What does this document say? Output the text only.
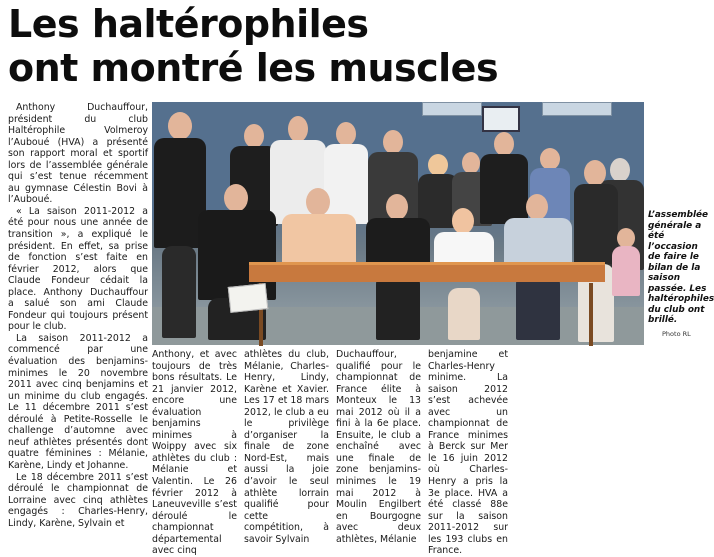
Les haltérophiles
ont montré les muscles

Anthony Duchauffour, président du club Haltérophile Volmeroy l’Auboué (HVA) a présenté son rapport moral et sportif lors de l’assemblée générale qui s’est tenue récemment au gymnase Célestin Bovi à l’Auboué.

« La saison 2011-2012 a été pour nous une année de transition », a expliqué le président. En effet, sa prise de fonction s’est faite en février 2012, alors que Claude Fondeur cédait la place. Anthony Duchauffour a salué son ami Claude Fondeur qui toujours présent pour le club.

La saison 2011-2012 a commencé par une évaluation des benjamins-minimes le 20 novembre 2011 avec cinq benjamins et un minime du club engagés. Le 11 décembre 2011 s’est déroulé à Petite-Rosselle le challenge d’automne avec neuf athlètes présentés dont quatre féminines : Mélanie, Karène, Lindy et Johanne.

Le 18 décembre 2011 s’est déroulé le championnat de Lorraine avec cinq athlètes engagés : Charles-Henry, Lindy, Karène, Sylvain et

L’assemblée générale a été l’occasion de faire le bilan de la saison passée. Les haltérophiles du club ont brillé.
Photo RL

Anthony, et avec toujours de très bons résultats. Le 21 janvier 2012, encore une évaluation benjamins minimes à Woippy avec six athlètes du club : Mélanie et Valentin. Le 26 février 2012 à Laneuveville s’est déroulé le championnat départemental avec cinq

athlètes du club, Mélanie, Charles-Henry, Lindy, Karène et Xavier. Les 17 et 18 mars 2012, le club a eu le privilège d’organiser la finale de zone Nord-Est, mais aussi la joie d’avoir le seul athlète lorrain qualifié pour cette compétition, à savoir Sylvain

Duchauffour, qualifié pour le championnat de France élite à Monteux le 13 mai 2012 où il a fini à la 6e place. Ensuite, le club a enchaîné avec une finale de zone benjamins-minimes le 19 mai 2012 à Moulin Engilbert en Bourgogne avec deux athlètes, Mélanie

benjamine et Charles-Henry minime. La saison 2012 s’est achevée avec un championnat de France minimes à Berck sur Mer le 16 juin 2012 où Charles-Henry a pris la 3e place. HVA a été classé 88e sur la saison 2011-2012 sur les 193 clubs en France.
